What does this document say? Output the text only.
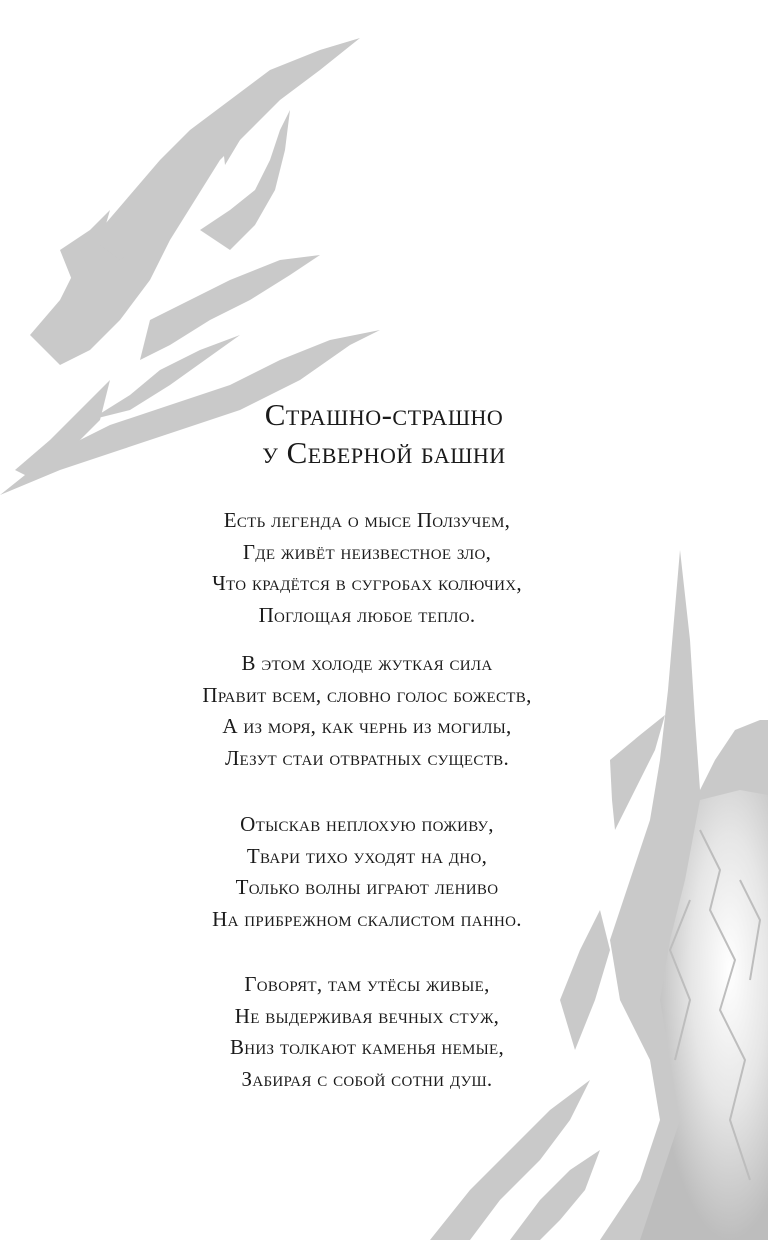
Страшно-страшно
у Северной башни
Есть легенда о мысе Ползучем,
Где живёт неизвестное зло,
Что крадётся в сугробах колючих,
Поглощая любое тепло.
В этом холоде жуткая сила
Правит всем, словно голос божеств,
А из моря, как чернь из могилы,
Лезут стаи отвратных существ.
Отыскав неплохую поживу,
Твари тихо уходят на дно,
Только волны играют лениво
На прибрежном скалистом панно.
Говорят, там утёсы живые,
Не выдерживая вечных стуж,
Вниз толкают каменья немые,
Забирая с собой сотни душ.
